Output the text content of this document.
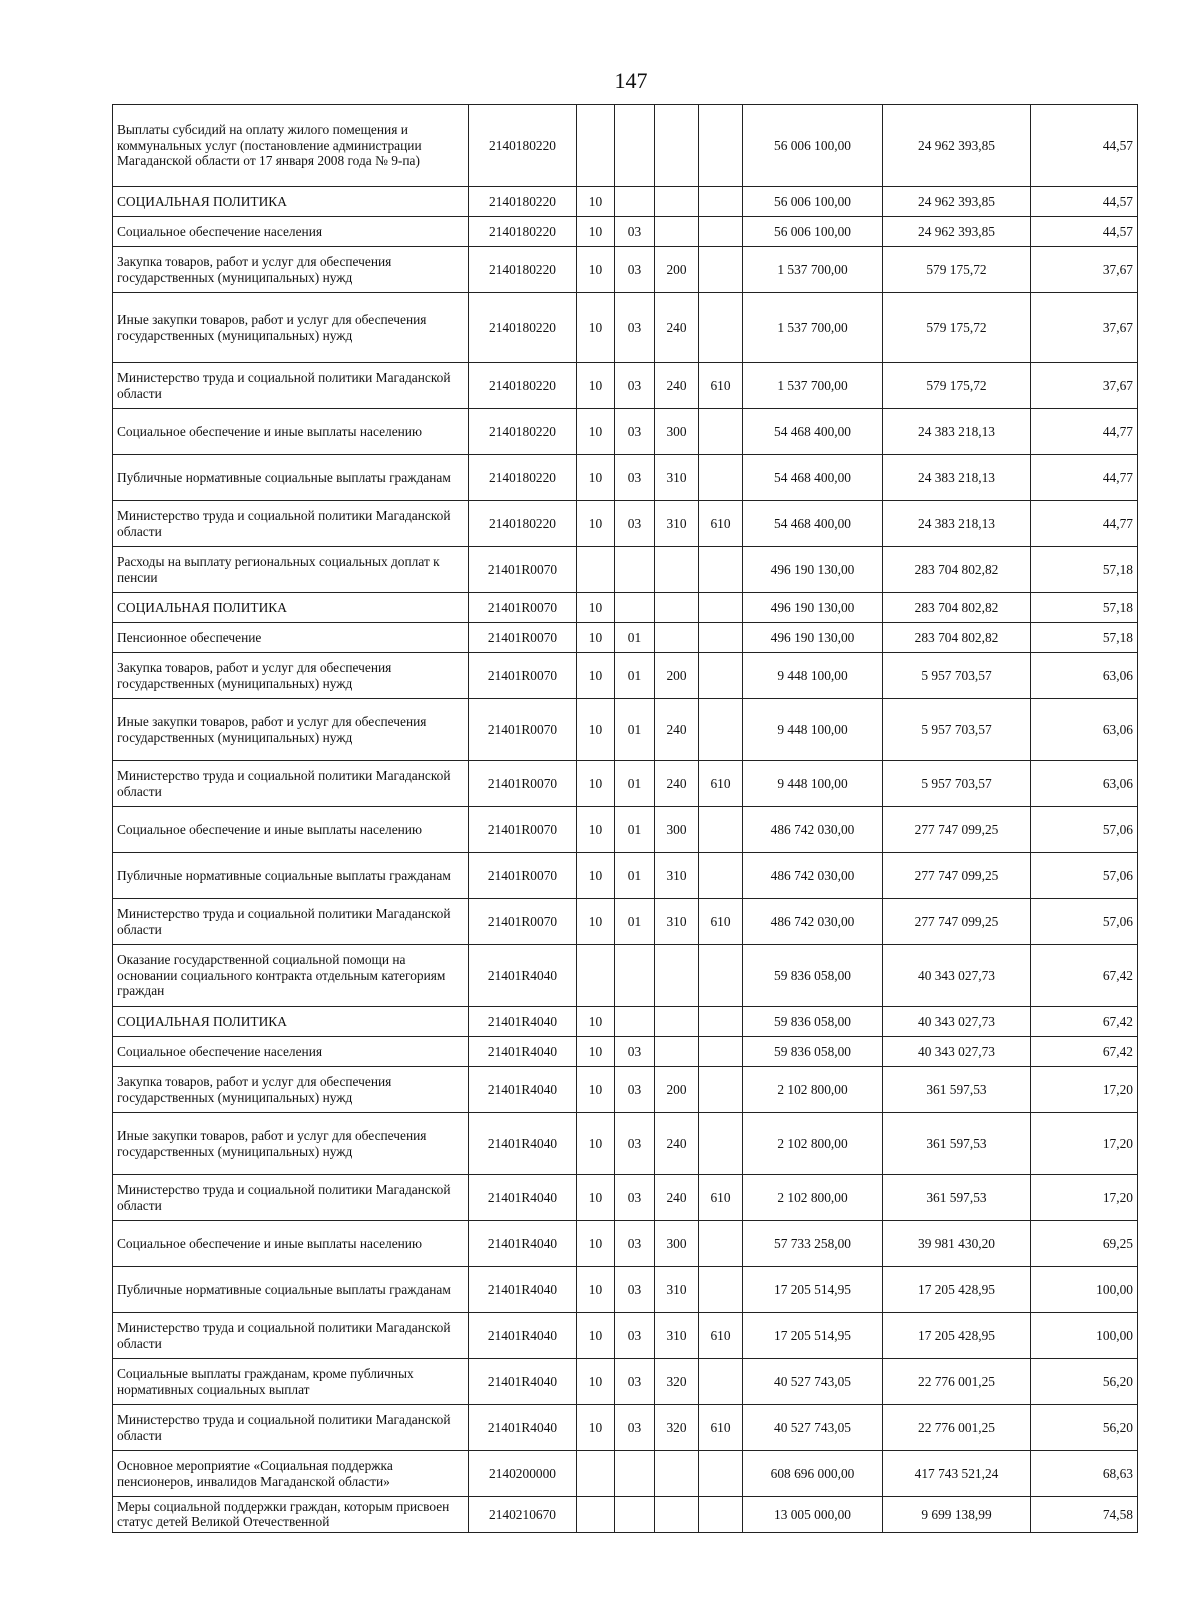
147
Выплаты субсидий на оплату жилого помещения и коммунальных услуг (постановление администрации Магаданской области от 17 января 2008 года № 9-па)	2140180220					56 006 100,00	24 962 393,85	44,57
СОЦИАЛЬНАЯ ПОЛИТИКА	2140180220	10				56 006 100,00	24 962 393,85	44,57
Социальное обеспечение населения	2140180220	10	03			56 006 100,00	24 962 393,85	44,57
Закупка товаров, работ и услуг для обеспечения государственных (муниципальных) нужд	2140180220	10	03	200		1 537 700,00	579 175,72	37,67
Иные закупки товаров, работ и услуг для обеспечения государственных (муниципальных) нужд	2140180220	10	03	240		1 537 700,00	579 175,72	37,67
Министерство труда и социальной политики Магаданской области	2140180220	10	03	240	610	1 537 700,00	579 175,72	37,67
Социальное обеспечение и иные выплаты населению	2140180220	10	03	300		54 468 400,00	24 383 218,13	44,77
Публичные нормативные социальные выплаты гражданам	2140180220	10	03	310		54 468 400,00	24 383 218,13	44,77
Министерство труда и социальной политики Магаданской области	2140180220	10	03	310	610	54 468 400,00	24 383 218,13	44,77
Расходы на выплату региональных социальных доплат к пенсии	21401R0070					496 190 130,00	283 704 802,82	57,18
СОЦИАЛЬНАЯ ПОЛИТИКА	21401R0070	10				496 190 130,00	283 704 802,82	57,18
Пенсионное обеспечение	21401R0070	10	01			496 190 130,00	283 704 802,82	57,18
Закупка товаров, работ и услуг для обеспечения государственных (муниципальных) нужд	21401R0070	10	01	200		9 448 100,00	5 957 703,57	63,06
Иные закупки товаров, работ и услуг для обеспечения государственных (муниципальных) нужд	21401R0070	10	01	240		9 448 100,00	5 957 703,57	63,06
Министерство труда и социальной политики Магаданской области	21401R0070	10	01	240	610	9 448 100,00	5 957 703,57	63,06
Социальное обеспечение и иные выплаты населению	21401R0070	10	01	300		486 742 030,00	277 747 099,25	57,06
Публичные нормативные социальные выплаты гражданам	21401R0070	10	01	310		486 742 030,00	277 747 099,25	57,06
Министерство труда и социальной политики Магаданской области	21401R0070	10	01	310	610	486 742 030,00	277 747 099,25	57,06
Оказание государственной социальной помощи на основании социального контракта отдельным категориям граждан	21401R4040					59 836 058,00	40 343 027,73	67,42
СОЦИАЛЬНАЯ ПОЛИТИКА	21401R4040	10				59 836 058,00	40 343 027,73	67,42
Социальное обеспечение населения	21401R4040	10	03			59 836 058,00	40 343 027,73	67,42
Закупка товаров, работ и услуг для обеспечения государственных (муниципальных) нужд	21401R4040	10	03	200		2 102 800,00	361 597,53	17,20
Иные закупки товаров, работ и услуг для обеспечения государственных (муниципальных) нужд	21401R4040	10	03	240		2 102 800,00	361 597,53	17,20
Министерство труда и социальной политики Магаданской области	21401R4040	10	03	240	610	2 102 800,00	361 597,53	17,20
Социальное обеспечение и иные выплаты населению	21401R4040	10	03	300		57 733 258,00	39 981 430,20	69,25
Публичные нормативные социальные выплаты гражданам	21401R4040	10	03	310		17 205 514,95	17 205 428,95	100,00
Министерство труда и социальной политики Магаданской области	21401R4040	10	03	310	610	17 205 514,95	17 205 428,95	100,00
Социальные выплаты гражданам, кроме публичных нормативных социальных выплат	21401R4040	10	03	320		40 527 743,05	22 776 001,25	56,20
Министерство труда и социальной политики Магаданской области	21401R4040	10	03	320	610	40 527 743,05	22 776 001,25	56,20
Основное мероприятие «Социальная поддержка пенсионеров, инвалидов Магаданской области»	2140200000					608 696 000,00	417 743 521,24	68,63
Меры социальной поддержки граждан, которым присвоен статус детей Великой Отечественной	2140210670					13 005 000,00	9 699 138,99	74,58
